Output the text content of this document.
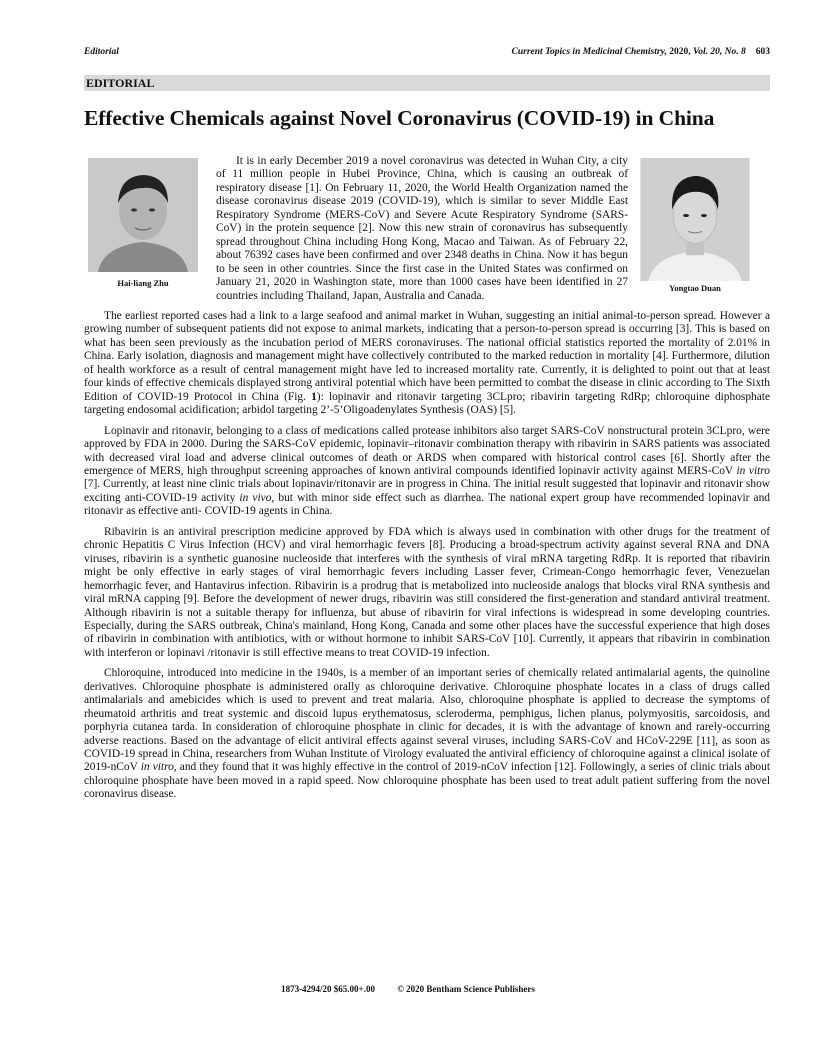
Editorial	Current Topics in Medicinal Chemistry, 2020, Vol. 20, No. 8 603
EDITORIAL
Effective Chemicals against Novel Coronavirus (COVID-19) in China
Hai-liang Zhu	Yongtao Duan

It is in early December 2019 a novel coronavirus was detected in Wuhan City, a city of 11 million people in Hubei Province, China, which is causing an outbreak of respiratory disease [1]. On February 11, 2020, the World Health Organization named the disease coronavirus disease 2019 (COVID-19), which is similar to sever Middle East Respiratory Syndrome (MERS-CoV) and Severe Acute Respiratory Syndrome (SARS-CoV) in the protein sequence [2]. Now this new strain of coronavirus has subsequently spread throughout China including Hong Kong, Macao and Taiwan. As of February 22, about 76392 cases have been confirmed and over 2348 deaths in China. Now it has begun to be seen in other countries. Since the first case in the United States was confirmed on January 21, 2020 in Washington state, more than 1000 cases have been identified in 27 countries including Thailand, Japan, Australia and Canada.

The earliest reported cases had a link to a large seafood and animal market in Wuhan, suggesting an initial animal-to-person spread. However a growing number of subsequent patients did not expose to animal markets, indicating that a person-to-person spread is occurring [3]. This is based on what has been seen previously as the incubation period of MERS coronaviruses. The national official statistics reported the mortality of 2.01% in China. Early isolation, diagnosis and management might have collectively contributed to the marked reduction in mortality [4]. Furthermore, dilution of health workforce as a result of central management might have led to increased mortality rate. Currently, it is delighted to point out that at least four kinds of effective chemicals displayed strong antiviral potential which have been permitted to combat the disease in clinic according to The Sixth Edition of COVID-19 Protocol in China (Fig. 1): lopinavir and ritonavir targeting 3CLpro; ribavirin targeting RdRp; chloroquine diphosphate targeting endosomal acidification; arbidol targeting 2’-5’Oligoadenylates Synthesis (OAS) [5].

Lopinavir and ritonavir, belonging to a class of medications called protease inhibitors also target SARS-CoV nonstructural protein 3CLpro, were approved by FDA in 2000. During the SARS-CoV epidemic, lopinavir–ritonavir combination therapy with ribavirin in SARS patients was associated with decreased viral load and adverse clinical outcomes of death or ARDS when compared with historical control cases [6]. Shortly after the emergence of MERS, high throughput screening approaches of known antiviral compounds identified lopinavir activity against MERS-CoV in vitro [7]. Currently, at least nine clinic trials about lopinavir/ritonavir are in progress in China. The initial result suggested that lopinavir and ritonavir show exciting anti-COVID-19 activity in vivo, but with minor side effect such as diarrhea. The national expert group have recommended lopinavir and ritonavir as effective anti- COVID-19 agents in China.

Ribavirin is an antiviral prescription medicine approved by FDA which is always used in combination with other drugs for the treatment of chronic Hepatitis C Virus Infection (HCV) and viral hemorrhagic fevers [8]. Producing a broad-spectrum activity against several RNA and DNA viruses, ribavirin is a synthetic guanosine nucleoside that interferes with the synthesis of viral mRNA targeting RdRp. It is reported that ribavirin might be only effective in early stages of viral hemorrhagic fevers including Lasser fever, Crimean-Congo hemorrhagic fever, Venezuelan hemorrhagic fever, and Hantavirus infection. Ribavirin is a prodrug that is metabolized into nucleoside analogs that blocks viral RNA synthesis and viral mRNA capping [9]. Before the development of newer drugs, ribavirin was still considered the first-generation and standard antiviral treatment. Although ribavirin is not a suitable therapy for influenza, but abuse of ribavirin for viral infections is widespread in some developing countries. Especially, during the SARS outbreak, China's mainland, Hong Kong, Canada and some other places have the successful experience that high doses of ribavirin in combination with antibiotics, with or without hormone to inhibit SARS-CoV [10]. Currently, it appears that ribavirin in combination with interferon or lopinavi /ritonavir is still effective means to treat COVID-19 infection.

Chloroquine, introduced into medicine in the 1940s, is a member of an important series of chemically related antimalarial agents, the quinoline derivatives. Chloroquine phosphate is administered orally as chloroquine derivative. Chloroquine phosphate locates in a class of drugs called antimalarials and amebicides which is used to prevent and treat malaria. Also, chloroquine phosphate is applied to decrease the symptoms of rheumatoid arthritis and treat systemic and discoid lupus erythematosus, scleroderma, pemphigus, lichen planus, polymyositis, sarcoidosis, and porphyria cutanea tarda. In consideration of chloroquine phosphate in clinic for decades, it is with the advantage of known and rarely-occurring adverse reactions. Based on the advantage of elicit antiviral effects against several viruses, including SARS-CoV and HCoV-229E [11], as soon as COVID-19 spread in China, researchers from Wuhan Institute of Virology evaluated the antiviral efficiency of chloroquine against a clinical isolate of 2019-nCoV in vitro, and they found that it was highly effective in the control of 2019-nCoV infection [12]. Followingly, a series of clinic trials about chloroquine phosphate have been moved in a rapid speed. Now chloroquine phosphate has been used to treat adult patient suffering from the novel coronavirus disease.

1873-4294/20 $65.00+.00 © 2020 Bentham Science Publishers
